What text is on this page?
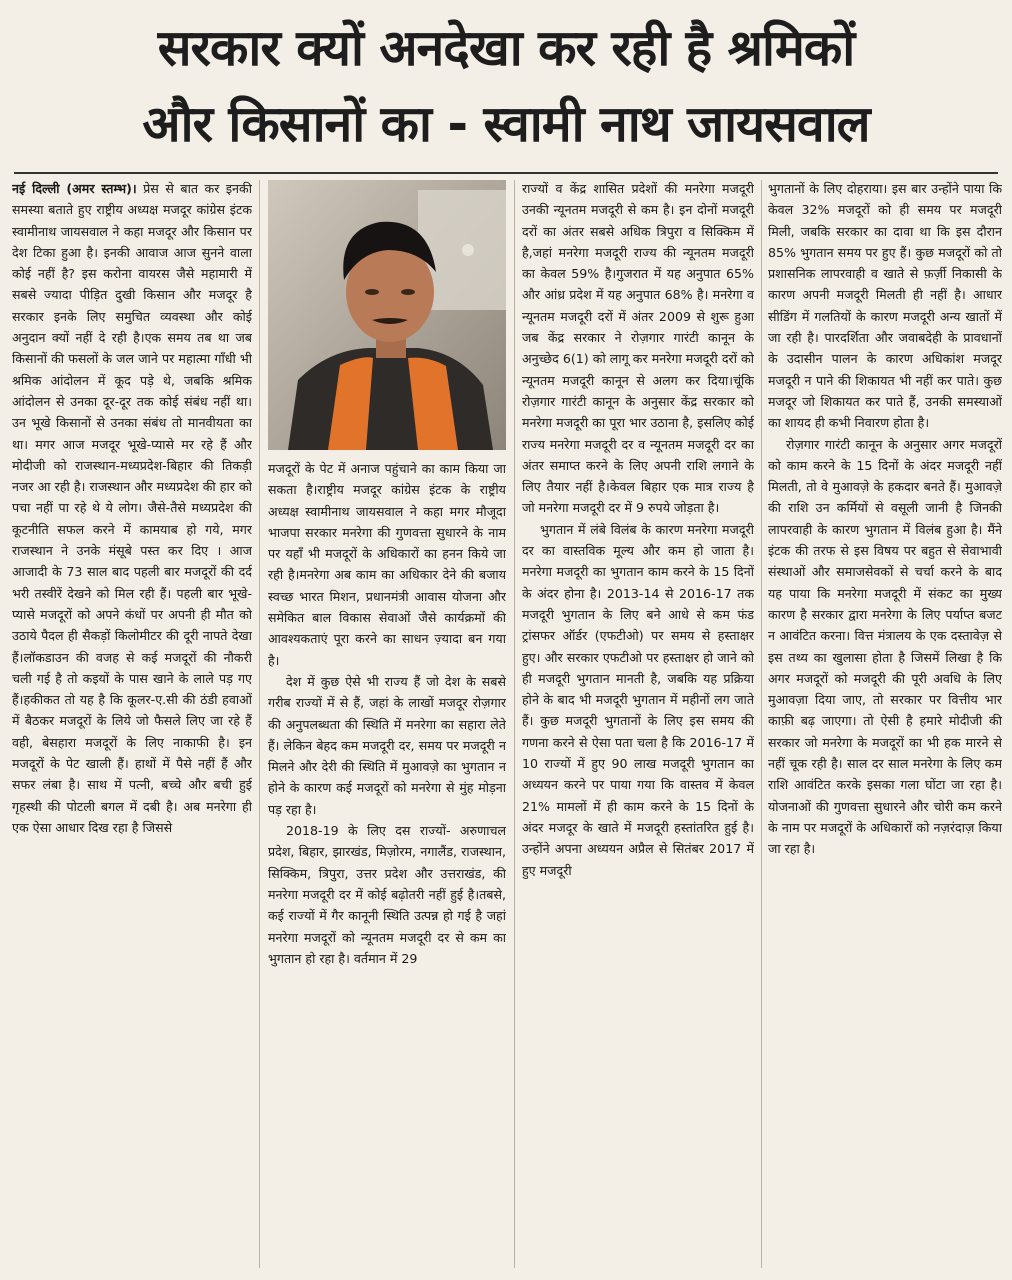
सरकार क्यों अनदेखा कर रही है श्रमिकों
और किसानों का - स्वामी नाथ जायसवाल

नई दिल्ली (अमर स्तम्भ)। प्रेस से बात कर इनकी समस्या बताते हुए राष्ट्रीय अध्यक्ष मजदूर कांग्रेस इंटक स्वामीनाथ जायसवाल ने कहा मजदूर और किसान पर देश टिका हुआ है। इनकी आवाज आज सुनने वाला कोई नहीं है? इस करोना वायरस जैसे महामारी में सबसे ज्यादा पीड़ित दुखी किसान और मजदूर है सरकार इनके लिए समुचित व्यवस्था और कोई अनुदान क्यों नहीं दे रही है।एक समय तब था जब किसानों की फसलों के जल जाने पर महात्मा गाँधी भी श्रमिक आंदोलन में कूद पड़े थे, जबकि श्रमिक आंदोलन से उनका दूर-दूर तक कोई संबंध नहीं था। उन भूखे किसानों से उनका संबंध तो मानवीयता का था। मगर आज मजदूर भूखे-प्यासे मर रहे हैं और मोदीजी को राजस्थान-मध्यप्रदेश-बिहार की तिकड़ी नजर आ रही है। राजस्थान और मध्यप्रदेश की हार को पचा नहीं पा रहे थे ये लोग। जैसे-तैसे मध्यप्रदेश की कूटनीति सफल करने में कामयाब हो गये, मगर राजस्थान ने उनके मंसूबे पस्त कर दिए । आज आजादी के 73 साल बाद पहली बार मजदूरों की दर्द भरी तस्वीरें देखने को मिल रही हैं। पहली बार भूखे-प्यासे मजदूरों को अपने कंधों पर अपनी ही मौत को उठाये पैदल ही सैकड़ों किलोमीटर की दूरी नापते देखा हैं।लॉकडाउन की वजह से कई मजदूरों की नौकरी चली गई है तो कइयों के पास खाने के लाले पड़ गए हैं।हकीकत तो यह है कि कूलर-ए.सी की ठंडी हवाओं में बैठकर मजदूरों के लिये जो फैसले लिए जा रहे हैं वही, बेसहारा मजदूरों के लिए नाकाफी है। इन मजदूरों के पेट खाली हैं। हाथों में पैसे नहीं हैं और सफर लंबा है। साथ में पत्नी, बच्चे और बची हुई गृहस्थी की पोटली बगल में दबी है। अब मनरेगा ही एक ऐसा आधार दिख रहा है जिससे

मजदूरों के पेट में अनाज पहुंचाने का काम किया जा सकता है।राष्ट्रीय मजदूर कांग्रेस इंटक के राष्ट्रीय अध्यक्ष स्वामीनाथ जायसवाल ने कहा मगर मौजूदा भाजपा सरकार मनरेगा की गुणवत्ता सुधारने के नाम पर यहाँ भी मजदूरों के अधिकारों का हनन किये जा रही है।मनरेगा अब काम का अधिकार देने की बजाय स्वच्छ भारत मिशन, प्रधानमंत्री आवास योजना और समेकित बाल विकास सेवाओं जैसे कार्यक्रमों की आवश्यकताएं पूरा करने का साधन ज़्यादा बन गया है।

देश में कुछ ऐसे भी राज्य हैं जो देश के सबसे गरीब राज्यों में से हैं, जहां के लाखों मजदूर रोज़गार की अनुपलब्धता की स्थिति में मनरेगा का सहारा लेते हैं। लेकिन बेहद कम मजदूरी दर, समय पर मजदूरी न मिलने और देरी की स्थिति में मुआवज़े का भुगतान न होने के कारण कई मजदूरों को मनरेगा से मुंह मोड़ना पड़ रहा है।

2018-19 के लिए दस राज्यों- अरुणाचल प्रदेश, बिहार, झारखंड, मिज़ोरम, नगालैंड, राजस्थान, सिक्किम, त्रिपुरा, उत्तर प्रदेश और उत्तराखंड, की मनरेगा मजदूरी दर में कोई बढ़ोतरी नहीं हुई है।तबसे, कई राज्यों में गैर कानूनी स्थिति उत्पन्न हो गई है जहां मनरेगा मजदूरों को न्यूनतम मजदूरी दर से कम का भुगतान हो रहा है। वर्तमान में 29

राज्यों व केंद्र शासित प्रदेशों की मनरेगा मजदूरी उनकी न्यूनतम मजदूरी से कम है। इन दोनों मजदूरी दरों का अंतर सबसे अधिक त्रिपुरा व सिक्किम में है,जहां मनरेगा मजदूरी राज्य की न्यूनतम मजदूरी का केवल 59% है।गुजरात में यह अनुपात 65% और आंध्र प्रदेश में यह अनुपात 68% है। मनरेगा व न्यूनतम मजदूरी दरों में अंतर 2009 से शुरू हुआ जब केंद्र सरकार ने रोज़गार गारंटी कानून के अनुच्छेद 6(1) को लागू कर मनरेगा मजदूरी दरों को न्यूनतम मजदूरी कानून से अलग कर दिया।चूंकि रोज़गार गारंटी कानून के अनुसार केंद्र सरकार को मनरेगा मजदूरी का पूरा भार उठाना है, इसलिए कोई राज्य मनरेगा मजदूरी दर व न्यूनतम मजदूरी दर का अंतर समाप्त करने के लिए अपनी राशि लगाने के लिए तैयार नहीं है।केवल बिहार एक मात्र राज्य है जो मनरेगा मजदूरी दर में 9 रुपये जोड़ता है।

भुगतान में लंबे विलंब के कारण मनरेगा मजदूरी दर का वास्तविक मूल्य और कम हो जाता है। मनरेगा मजदूरी का भुगतान काम करने के 15 दिनों के अंदर होना है। 2013-14 से 2016-17 तक मजदूरी भुगतान के लिए बने आधे से कम फंड ट्रांसफर ऑर्डर (एफटीओ) पर समय से हस्ताक्षर हुए। और सरकार एफटीओ पर हस्ताक्षर हो जाने को ही मजदूरी भुगतान मानती है, जबकि यह प्रक्रिया होने के बाद भी मजदूरी भुगतान में महीनों लग जाते हैं। कुछ मजदूरी भुगतानों के लिए इस समय की गणना करने से ऐसा पता चला है कि 2016-17 में 10 राज्यों में हुए 90 लाख मजदूरी भुगतान का अध्ययन करने पर पाया गया कि वास्तव में केवल 21% मामलों में ही काम करने के 15 दिनों के अंदर मजदूर के खाते में मजदूरी हस्तांतरित हुई है। उन्होंने अपना अध्ययन अप्रैल से सितंबर 2017 में हुए मजदूरी

भुगतानों के लिए दोहराया। इस बार उन्होंने पाया कि केवल 32% मजदूरों को ही समय पर मजदूरी मिली, जबकि सरकार का दावा था कि इस दौरान 85% भुगतान समय पर हुए हैं। कुछ मजदूरों को तो प्रशासनिक लापरवाही व खाते से फ़र्ज़ी निकासी के कारण अपनी मजदूरी मिलती ही नहीं है। आधार सीडिंग में गलतियों के कारण मजदूरी अन्य खातों में जा रही है। पारदर्शिता और जवाबदेही के प्रावधानों के उदासीन पालन के कारण अधिकांश मजदूर मजदूरी न पाने की शिकायत भी नहीं कर पाते। कुछ मजदूर जो शिकायत कर पाते हैं, उनकी समस्याओं का शायद ही कभी निवारण होता है।

रोज़गार गारंटी कानून के अनुसार अगर मजदूरों को काम करने के 15 दिनों के अंदर मजदूरी नहीं मिलती, तो वे मुआवज़े के हकदार बनते हैं। मुआवज़े की राशि उन कर्मियों से वसूली जानी है जिनकी लापरवाही के कारण भुगतान में विलंब हुआ है। मैंने इंटक की तरफ से इस विषय पर बहुत से सेवाभावी संस्थाओं और समाजसेवकों से चर्चा करने के बाद यह पाया कि मनरेगा मजदूरी में संकट का मुख्य कारण है सरकार द्वारा मनरेगा के लिए पर्याप्त बजट न आवंटित करना। वित्त मंत्रालय के एक दस्तावेज़ से इस तथ्य का खुलासा होता है जिसमें लिखा है कि अगर मजदूरों को मजदूरी की पूरी अवधि के लिए मुआवज़ा दिया जाए, तो सरकार पर वित्तीय भार काफ़ी बढ़ जाएगा। तो ऐसी है हमारे मोदीजी की सरकार जो मनरेगा के मजदूरों का भी हक मारने से नहीं चूक रही है। साल दर साल मनरेगा के लिए कम राशि आवंटित करके इसका गला घोंटा जा रहा है। योजनाओं की गुणवत्ता सुधारने और चोरी कम करने के नाम पर मजदूरों के अधिकारों को नज़रंदाज़ किया जा रहा है।
